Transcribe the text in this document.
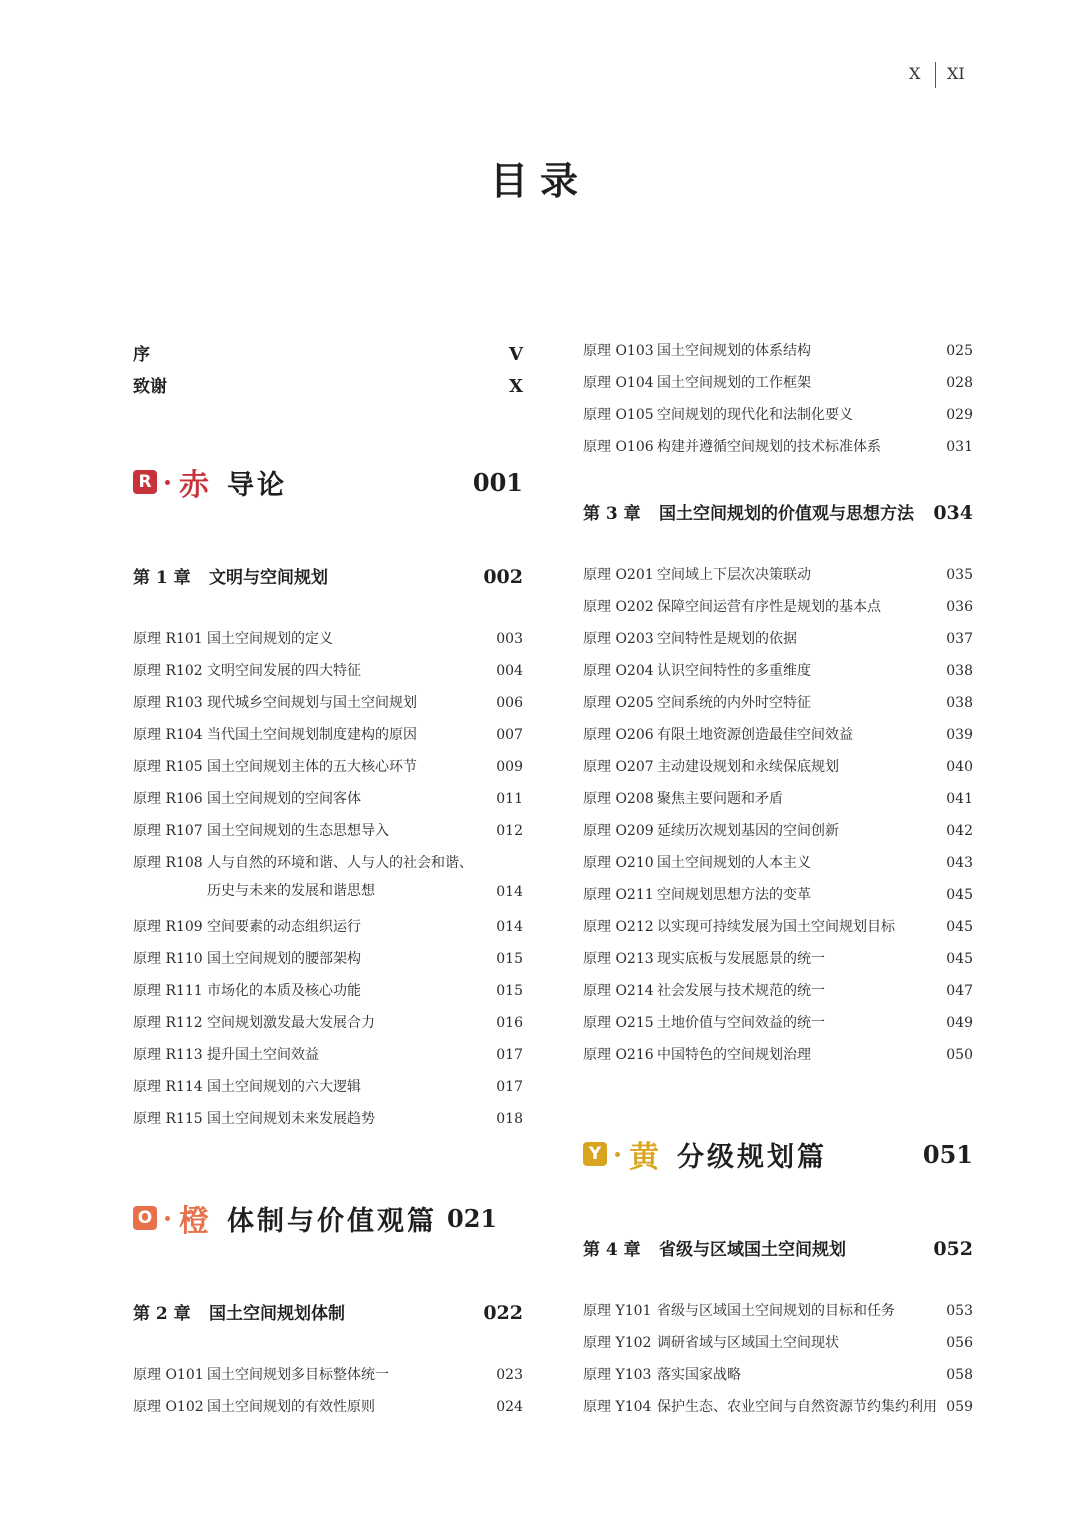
X XI
目录
序	V
致谢	X
R 赤 导论	001
第 1 章 文明与空间规划	002
原理 R101 国土空间规划的定义	003
原理 R102 文明空间发展的四大特征	004
原理 R103 现代城乡空间规划与国土空间规划	006
原理 R104 当代国土空间规划制度建构的原因	007
原理 R105 国土空间规划主体的五大核心环节	009
原理 R106 国土空间规划的空间客体	011
原理 R107 国土空间规划的生态思想导入	012
原理 R108 人与自然的环境和谐、人与人的社会和谐、
历史与未来的发展和谐思想	014
原理 R109 空间要素的动态组织运行	014
原理 R110 国土空间规划的腰部架构	015
原理 R111 市场化的本质及核心功能	015
原理 R112 空间规划激发最大发展合力	016
原理 R113 提升国土空间效益	017
原理 R114 国土空间规划的六大逻辑	017
原理 R115 国土空间规划未来发展趋势	018
O 橙 体制与价值观篇 021
第 2 章 国土空间规划体制	022
原理 O101 国土空间规划多目标整体统一	023
原理 O102 国土空间规划的有效性原则	024
原理 O103 国土空间规划的体系结构	025
原理 O104 国土空间规划的工作框架	028
原理 O105 空间规划的现代化和法制化要义	029
原理 O106 构建并遵循空间规划的技术标准体系	031
第 3 章 国土空间规划的价值观与思想方法 034
原理 O201 空间域上下层次决策联动	035
原理 O202 保障空间运营有序性是规划的基本点	036
原理 O203 空间特性是规划的依据	037
原理 O204 认识空间特性的多重维度	038
原理 O205 空间系统的内外时空特征	038
原理 O206 有限土地资源创造最佳空间效益	039
原理 O207 主动建设规划和永续保底规划	040
原理 O208 聚焦主要问题和矛盾	041
原理 O209 延续历次规划基因的空间创新	042
原理 O210 国土空间规划的人本主义	043
原理 O211 空间规划思想方法的变革	045
原理 O212 以实现可持续发展为国土空间规划目标	045
原理 O213 现实底板与发展愿景的统一	045
原理 O214 社会发展与技术规范的统一	047
原理 O215 土地价值与空间效益的统一	049
原理 O216 中国特色的空间规划治理	050
Y 黄 分级规划篇	051
第 4 章 省级与区域国土空间规划	052
原理 Y101 省级与区域国土空间规划的目标和任务	053
原理 Y102 调研省域与区域国土空间现状	056
原理 Y103 落实国家战略	058
原理 Y104 保护生态、农业空间与自然资源节约集约利用 059
